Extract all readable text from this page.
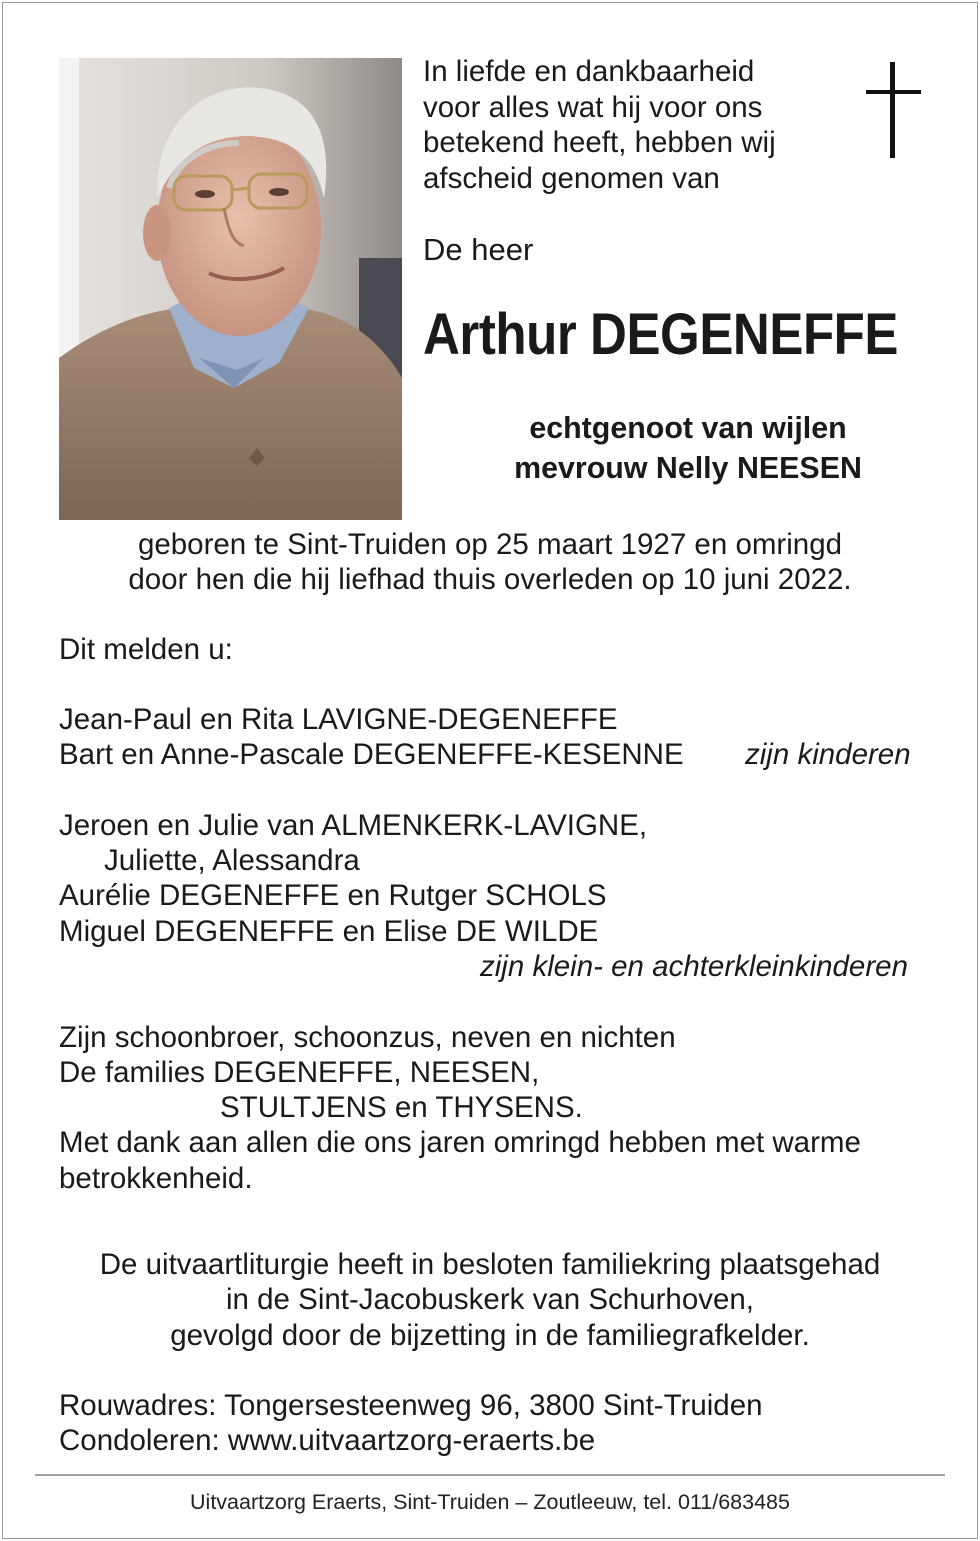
In liefde en dankbaarheid
voor alles wat hij voor ons
betekend heeft, hebben wij
afscheid genomen van
De heer
Arthur DEGENEFFE
echtgenoot van wijlen
mevrouw Nelly NEESEN
geboren te Sint-Truiden op 25 maart 1927 en omringd
door hen die hij liefhad thuis overleden op 10 juni 2022.
Dit melden u:
Jean-Paul en Rita LAVIGNE-DEGENEFFE
Bart en Anne-Pascale DEGENEFFE-KESENNE zijn kinderen
Jeroen en Julie van ALMENKERK-LAVIGNE,
Juliette, Alessandra
Aurélie DEGENEFFE en Rutger SCHOLS
Miguel DEGENEFFE en Elise DE WILDE
zijn klein- en achterkleinkinderen
Zijn schoonbroer, schoonzus, neven en nichten
De families DEGENEFFE, NEESEN,
STULTJENS en THYSENS.
Met dank aan allen die ons jaren omringd hebben met warme
betrokkenheid.
De uitvaartliturgie heeft in besloten familiekring plaatsgehad
in de Sint-Jacobuskerk van Schurhoven,
gevolgd door de bijzetting in de familiegrafkelder.
Rouwadres: Tongersesteenweg 96, 3800 Sint-Truiden
Condoleren: www.uitvaartzorg-eraerts.be
Uitvaartzorg Eraerts, Sint-Truiden – Zoutleeuw, tel. 011/683485
